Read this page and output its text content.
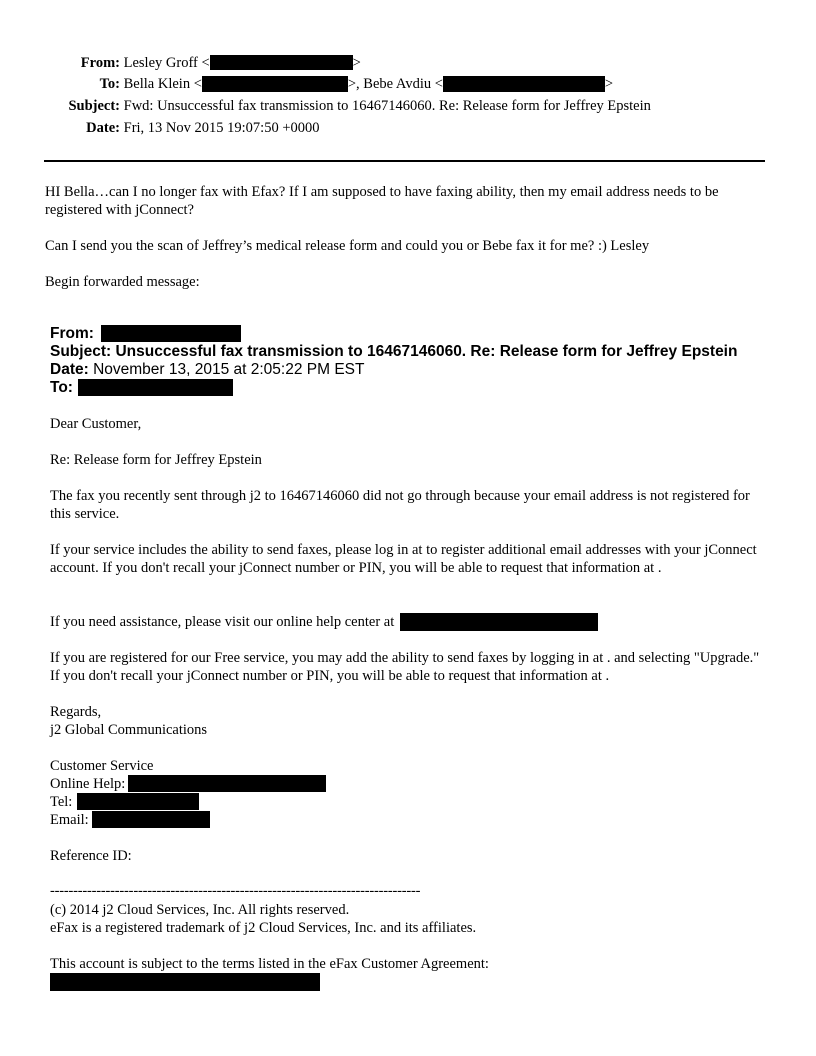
From: Lesley Groff <	>
To: Bella Klein <	>, Bebe Avdiu <	>
Subject: Fwd: Unsuccessful fax transmission to 16467146060. Re: Release form for Jeffrey Epstein
Date: Fri, 13 Nov 2015 19:07:50 +0000
HI Bella…can I no longer fax with Efax? If I am supposed to have faxing ability, then my email address needs to be registered with jConnect?
Can I send you the scan of Jeffrey’s medical release form and could you or Bebe fax it for me? :) Lesley
Begin forwarded message:
From:
Subject: Unsuccessful fax transmission to 16467146060. Re: Release form for Jeffrey Epstein
Date: November 13, 2015 at 2:05:22 PM EST
To:
Dear Customer,
Re: Release form for Jeffrey Epstein
The fax you recently sent through j2 to 16467146060 did not go through because your email address is not registered for this service.
If your service includes the ability to send faxes, please log in at to register additional email addresses with your jConnect account. If you don't recall your jConnect number or PIN, you will be able to request that information at .
If you need assistance, please visit our online help center at
If you are registered for our Free service, you may add the ability to send faxes by logging in at . and selecting "Upgrade." If you don't recall your jConnect number or PIN, you will be able to request that information at .
Regards,
j2 Global Communications
Customer Service
Online Help:
Tel:
Email:
Reference ID:
--------------------------------------------------------------------------------
(c) 2014 j2 Cloud Services, Inc. All rights reserved.
eFax is a registered trademark of j2 Cloud Services, Inc. and its affiliates.
This account is subject to the terms listed in the eFax Customer Agreement:
